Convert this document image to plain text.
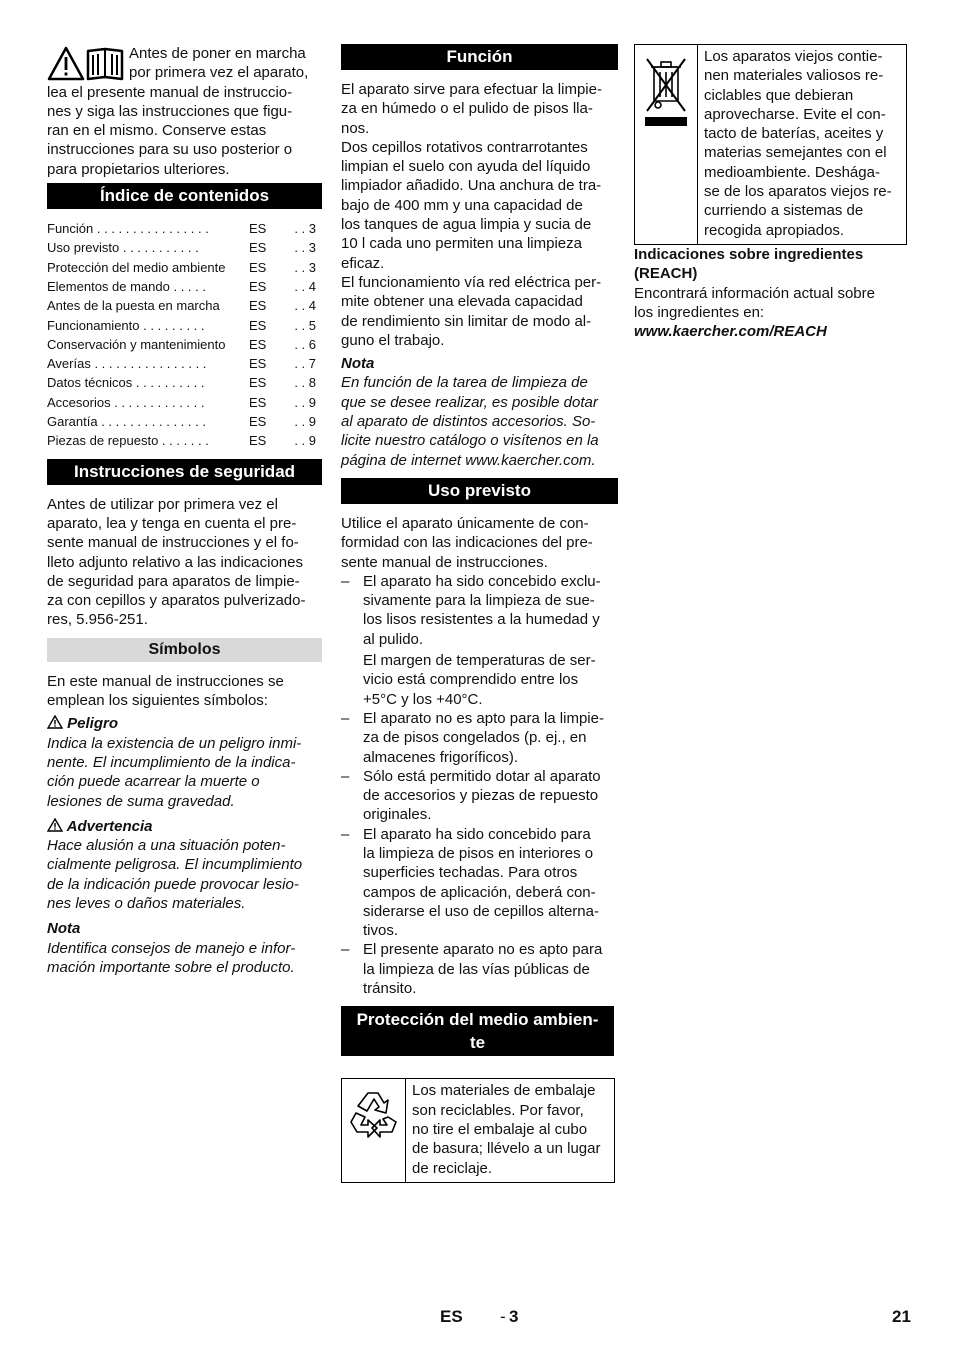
Antes de poner en marcha
por primera vez el aparato,
lea el presente manual de instruccio-
nes y siga las instrucciones que figu-
ran en el mismo. Conserve estas
instrucciones para su uso posterior o
para propietarios ulteriores.
Índice de contenidos
Función . . . . . . . . . . . . . . . .	ES	. . 3
Uso previsto . . . . . . . . . . .	ES	. . 3
Protección del medio ambiente	ES	. . 3
Elementos de mando . . . . .	ES	. . 4
Antes de la puesta en marcha	ES	. . 4
Funcionamiento . . . . . . . . .	ES	. . 5
Conservación y mantenimiento	ES	. . 6
Averías . . . . . . . . . . . . . . . .	ES	. . 7
Datos técnicos . . . . . . . . . .	ES	. . 8
Accesorios . . . . . . . . . . . . .	ES	. . 9
Garantía . . . . . . . . . . . . . . .	ES	. . 9
Piezas de repuesto . . . . . . .	ES	. . 9
Instrucciones de seguridad
Antes de utilizar por primera vez el
aparato, lea y tenga en cuenta el pre-
sente manual de instrucciones y el fo-
lleto adjunto relativo a las indicaciones
de seguridad para aparatos de limpie-
za con cepillos y aparatos pulverizado-
res, 5.956-251.
Símbolos
En este manual de instrucciones se
emplean los siguientes símbolos:

Peligro

Indica la existencia de un peligro inmi-
nente. El incumplimiento de la indica-
ción puede acarrear la muerte o
lesiones de suma gravedad.

Advertencia

Hace alusión a una situación poten-
cialmente peligrosa. El incumplimiento
de la indicación puede provocar lesio-
nes leves o daños materiales.

Nota

Identifica consejos de manejo e infor-
mación importante sobre el producto.
Función
El aparato sirve para efectuar la limpie-
za en húmedo o el pulido de pisos lla-
nos.
Dos cepillos rotativos contrarrotantes
limpian el suelo con ayuda del líquido
limpiador añadido. Una anchura de tra-
bajo de 400 mm y una capacidad de
los tanques de agua limpia y sucia de
10 l cada uno permiten una limpieza
eficaz.
El funcionamiento vía red eléctrica per-
mite obtener una elevada capacidad
de rendimiento sin limitar de modo al-
guno el trabajo.

Nota

En función de la tarea de limpieza de
que se desee realizar, es posible dotar
al aparato de distintos accesorios. So-
licite nuestro catálogo o visítenos en la
página de internet www.kaercher.com.
Uso previsto
Utilice el aparato únicamente de con-
formidad con las indicaciones del pre-
sente manual de instrucciones.
– El aparato ha sido concebido exclu-
sivamente para la limpieza de sue-
los lisos resistentes a la humedad y
al pulido.
El margen de temperaturas de ser-
vicio está comprendido entre los
+5°C y los +40°C.
– El aparato no es apto para la limpie-
za de pisos congelados (p. ej., en
almacenes frigoríficos).
– Sólo está permitido dotar al aparato
de accesorios y piezas de repuesto
originales.
– El aparato ha sido concebido para
la limpieza de pisos en interiores o
superficies techadas. Para otros
campos de aplicación, deberá con-
siderarse el uso de cepillos alterna-
tivos.
– El presente aparato no es apto para
la limpieza de las vías públicas de
tránsito.
Protección del medio ambien-
te
Los materiales de embalaje
son reciclables. Por favor,
no tire el embalaje al cubo
de basura; llévelo a un lugar
de reciclaje.
Los aparatos viejos contie-
nen materiales valiosos re-
ciclables que debieran
aprovecharse. Evite el con-
tacto de baterías, aceites y
materias semejantes con el
medioambiente. Deshága-
se de los aparatos viejos re-
curriendo a sistemas de
recogida apropiados.
Indicaciones sobre ingredientes
(REACH)
Encontrará información actual sobre
los ingredientes en:

www.kaercher.com/REACH

ES - 3	21
